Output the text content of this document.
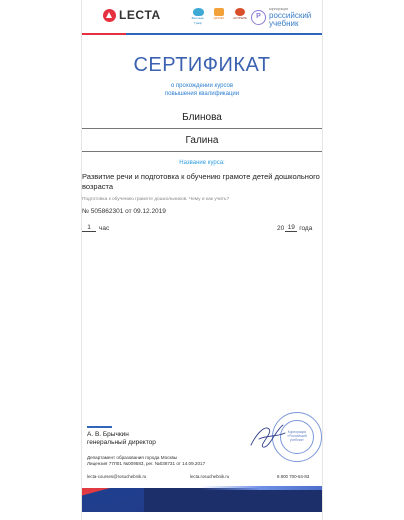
LECTA	Вентана-Граф
ДРОФА	АСТРЕЛЬ	Р
корпорация
российский учебник
СЕРТИФИКАТ
о прохождении курсов
повышения квалификации
Блинова
Галина
Название курса:
Развитие речи и подготовка к обучению грамоте детей дошкольного возраста
Подготовка к обучению грамоте дошкольников. Чему и как учить?
№ 505862301 от 09.12.2019
1	час	20 19 года
А. В. Брычкин
генеральный директор
Департамент образования города Москвы
Лицензия 77Л01 №009583, рег. №038731 от 14.09.2017
Корпорация «Российский учебник»
lecta-courses@rosuchebnik.ru	lecta.rosuchebnik.ru	8 800 700-64-83
